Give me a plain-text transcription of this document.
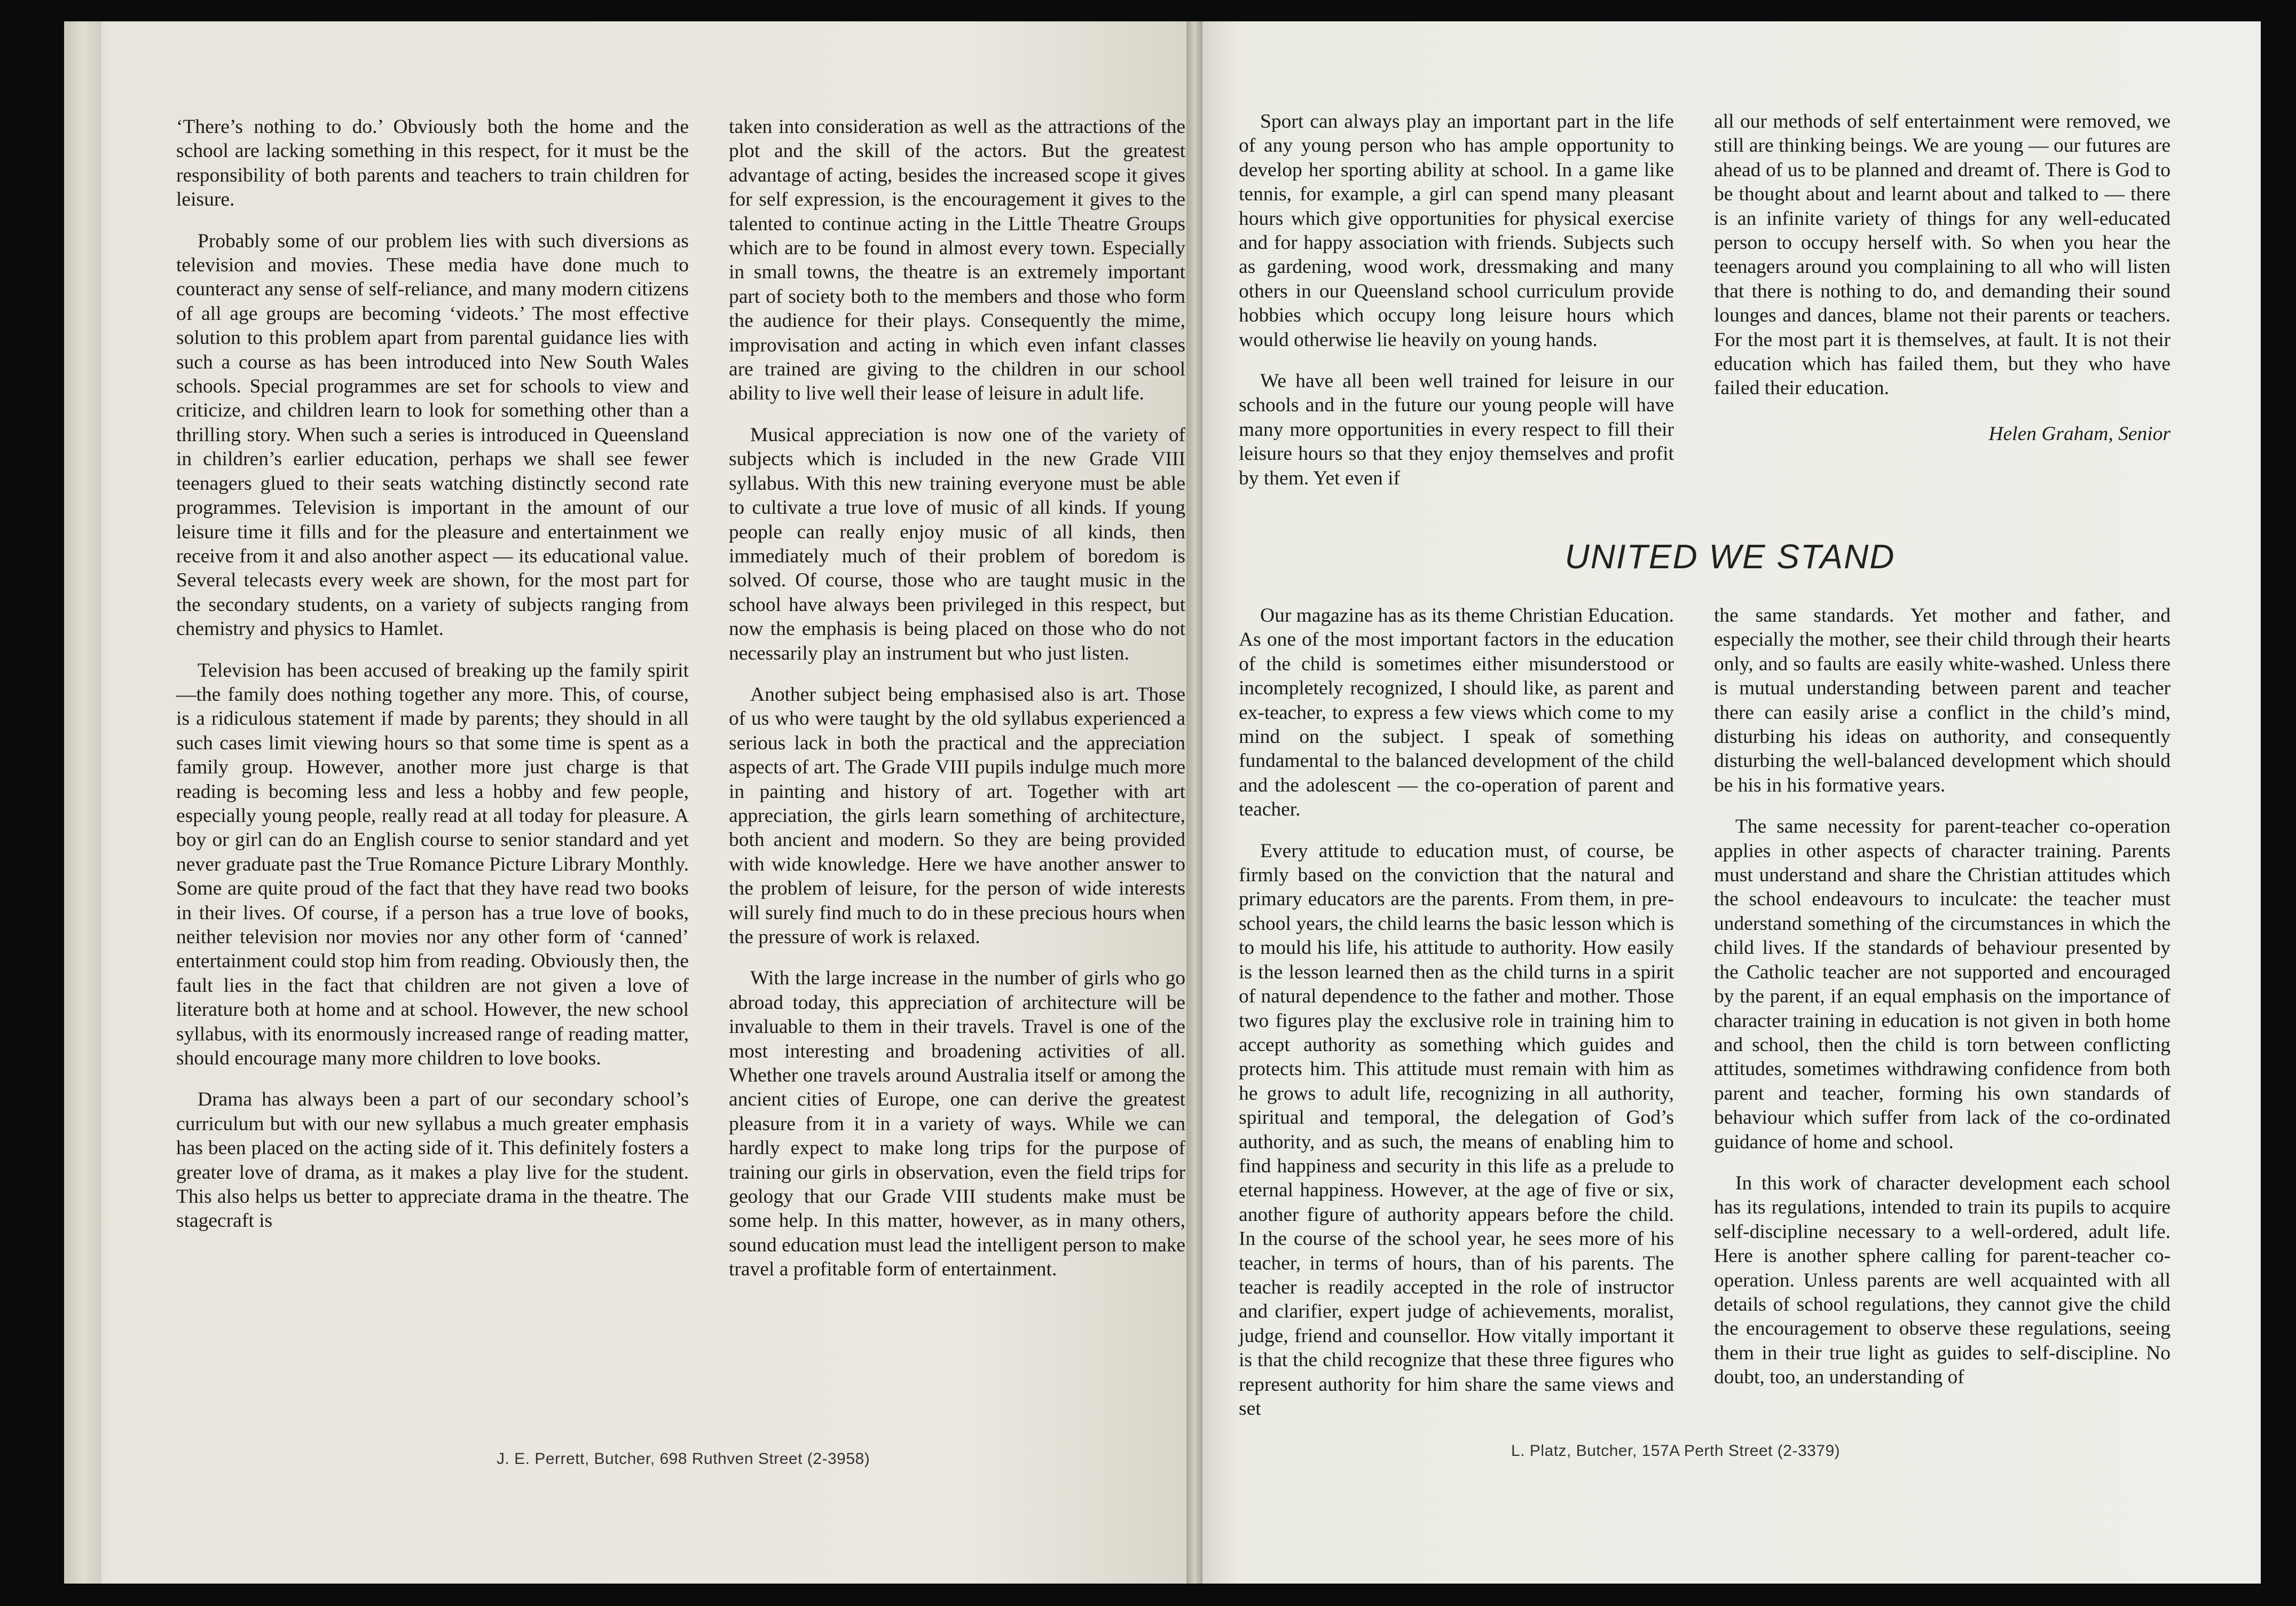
‘There’s nothing to do.’ Obviously both the home and the school are lacking something in this respect, for it must be the responsibility of both parents and teachers to train children for leisure.

Probably some of our problem lies with such diversions as television and movies. These media have done much to counteract any sense of self-reliance, and many modern citizens of all age groups are becoming ‘videots.’ The most effective solution to this problem apart from parental guidance lies with such a course as has been introduced into New South Wales schools. Special programmes are set for schools to view and criticize, and children learn to look for something other than a thrilling story. When such a series is introduced in Queensland in children’s earlier education, perhaps we shall see fewer teenagers glued to their seats watching distinctly second rate programmes. Television is important in the amount of our leisure time it fills and for the pleasure and entertainment we receive from it and also another aspect — its educational value. Several telecasts every week are shown, for the most part for the secondary students, on a variety of subjects ranging from chemistry and physics to Hamlet.

Television has been accused of breaking up the family spirit—the family does nothing together any more. This, of course, is a ridiculous statement if made by parents; they should in all such cases limit viewing hours so that some time is spent as a family group. However, another more just charge is that reading is becoming less and less a hobby and few people, especially young people, really read at all today for pleasure. A boy or girl can do an English course to senior standard and yet never graduate past the True Romance Picture Library Monthly. Some are quite proud of the fact that they have read two books in their lives. Of course, if a person has a true love of books, neither television nor movies nor any other form of ‘canned’ entertainment could stop him from reading. Obviously then, the fault lies in the fact that children are not given a love of literature both at home and at school. However, the new school syllabus, with its enormously increased range of reading matter, should encourage many more children to love books.

Drama has always been a part of our secondary school’s curriculum but with our new syllabus a much greater emphasis has been placed on the acting side of it. This definitely fosters a greater love of drama, as it makes a play live for the student. This also helps us better to appreciate drama in the theatre. The stagecraft is

taken into consideration as well as the attractions of the plot and the skill of the actors. But the greatest advantage of acting, besides the increased scope it gives for self expression, is the encouragement it gives to the talented to continue acting in the Little Theatre Groups which are to be found in almost every town. Especially in small towns, the theatre is an extremely important part of society both to the members and those who form the audience for their plays. Consequently the mime, improvisation and acting in which even infant classes are trained are giving to the children in our school ability to live well their lease of leisure in adult life.

Musical appreciation is now one of the variety of subjects which is included in the new Grade VIII syllabus. With this new training everyone must be able to cultivate a true love of music of all kinds. If young people can really enjoy music of all kinds, then immediately much of their problem of boredom is solved. Of course, those who are taught music in the school have always been privileged in this respect, but now the emphasis is being placed on those who do not necessarily play an instrument but who just listen.

Another subject being emphasised also is art. Those of us who were taught by the old syllabus experienced a serious lack in both the practical and the appreciation aspects of art. The Grade VIII pupils indulge much more in painting and history of art. Together with art appreciation, the girls learn something of architecture, both ancient and modern. So they are being provided with wide knowledge. Here we have another answer to the problem of leisure, for the person of wide interests will surely find much to do in these precious hours when the pressure of work is relaxed.

With the large increase in the number of girls who go abroad today, this appreciation of architecture will be invaluable to them in their travels. Travel is one of the most interesting and broadening activities of all. Whether one travels around Australia itself or among the ancient cities of Europe, one can derive the greatest pleasure from it in a variety of ways. While we can hardly expect to make long trips for the purpose of training our girls in observation, even the field trips for geology that our Grade VIII students make must be some help. In this matter, however, as in many others, sound education must lead the intelligent person to make travel a profitable form of entertainment.

J. E. Perrett, Butcher, 698 Ruthven Street (2-3958)

Sport can always play an important part in the life of any young person who has ample opportunity to develop her sporting ability at school. In a game like tennis, for example, a girl can spend many pleasant hours which give opportunities for physical exercise and for happy association with friends. Subjects such as gardening, wood work, dressmaking and many others in our Queensland school curriculum provide hobbies which occupy long leisure hours which would otherwise lie heavily on young hands.

We have all been well trained for leisure in our schools and in the future our young people will have many more opportunities in every respect to fill their leisure hours so that they enjoy themselves and profit by them. Yet even if

all our methods of self entertainment were removed, we still are thinking beings. We are young — our futures are ahead of us to be planned and dreamt of. There is God to be thought about and learnt about and talked to — there is an infinite variety of things for any well-educated person to occupy herself with. So when you hear the teenagers around you complaining to all who will listen that there is nothing to do, and demanding their sound lounges and dances, blame not their parents or teachers. For the most part it is themselves, at fault. It is not their education which has failed them, but they who have failed their education.

Helen Graham, Senior

UNITED WE STAND

Our magazine has as its theme Christian Education. As one of the most important factors in the education of the child is sometimes either misunderstood or incompletely recognized, I should like, as parent and ex-teacher, to express a few views which come to my mind on the subject. I speak of something fundamental to the balanced development of the child and the adolescent — the co-operation of parent and teacher.

Every attitude to education must, of course, be firmly based on the conviction that the natural and primary educators are the parents. From them, in pre-school years, the child learns the basic lesson which is to mould his life, his attitude to authority. How easily is the lesson learned then as the child turns in a spirit of natural dependence to the father and mother. Those two figures play the exclusive role in training him to accept authority as something which guides and protects him. This attitude must remain with him as he grows to adult life, recognizing in all authority, spiritual and temporal, the delegation of God’s authority, and as such, the means of enabling him to find happiness and security in this life as a prelude to eternal happiness. However, at the age of five or six, another figure of authority appears before the child. In the course of the school year, he sees more of his teacher, in terms of hours, than of his parents. The teacher is readily accepted in the role of instructor and clarifier, expert judge of achievements, moralist, judge, friend and counsellor. How vitally important it is that the child recognize that these three figures who represent authority for him share the same views and set

the same standards. Yet mother and father, and especially the mother, see their child through their hearts only, and so faults are easily white-washed. Unless there is mutual understanding between parent and teacher there can easily arise a conflict in the child’s mind, disturbing his ideas on authority, and consequently disturbing the well-balanced development which should be his in his formative years.

The same necessity for parent-teacher co-operation applies in other aspects of character training. Parents must understand and share the Christian attitudes which the school endeavours to inculcate: the teacher must understand something of the circumstances in which the child lives. If the standards of behaviour presented by the Catholic teacher are not supported and encouraged by the parent, if an equal emphasis on the importance of character training in education is not given in both home and school, then the child is torn between conflicting attitudes, sometimes withdrawing confidence from both parent and teacher, forming his own standards of behaviour which suffer from lack of the co-ordinated guidance of home and school.

In this work of character development each school has its regulations, intended to train its pupils to acquire self-discipline necessary to a well-ordered, adult life. Here is another sphere calling for parent-teacher co-operation. Unless parents are well acquainted with all details of school regulations, they cannot give the child the encouragement to observe these regulations, seeing them in their true light as guides to self-discipline. No doubt, too, an understanding of

L. Platz, Butcher, 157A Perth Street (2-3379)
